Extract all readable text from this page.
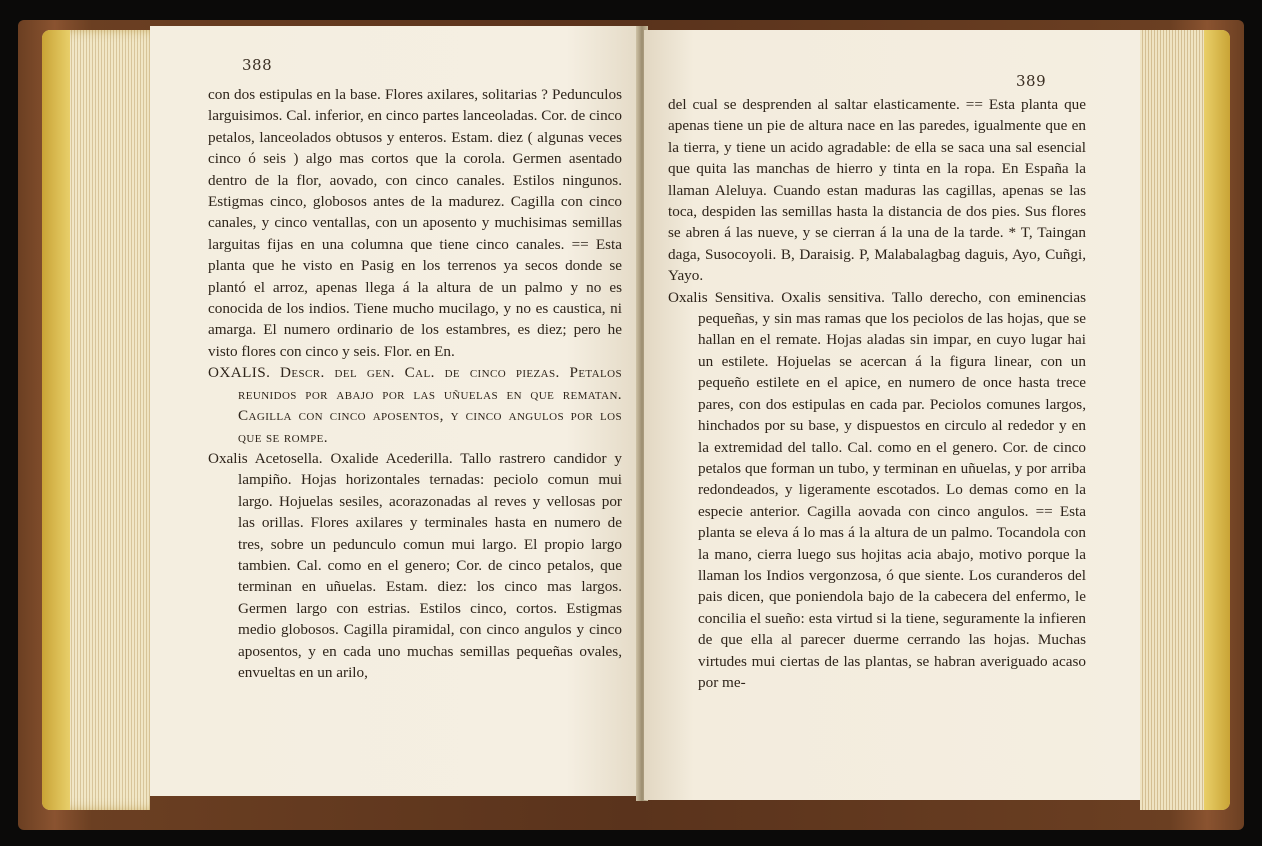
388

con dos estipulas en la base. Flores axilares, solitarias ? Pedunculos larguisimos. Cal. inferior, en cinco partes lanceoladas. Cor. de cinco petalos, lanceolados obtusos y enteros. Estam. diez ( algunas veces cinco ó seis ) algo mas cortos que la corola. Germen asentado dentro de la flor, aovado, con cinco canales. Estilos ningunos. Estigmas cinco, globosos antes de la madurez. Cagilla con cinco canales, y cinco ventallas, con un aposento y muchisimas semillas larguitas fijas en una columna que tiene cinco canales. == Esta planta que he visto en Pasig en los terrenos ya secos donde se plantó el arroz, apenas llega á la altura de un palmo y no es conocida de los indios. Tiene mucho mucilago, y no es caustica, ni amarga. El numero ordinario de los estambres, es diez; pero he visto flores con cinco y seis. Flor. en En.

OXALIS. Descr. del gen. Cal. de cinco piezas. Petalos reunidos por abajo por las uñuelas en que rematan. Cagilla con cinco aposentos, y cinco angulos por los que se rompe.

Oxalis Acetosella. Oxalide Acederilla. Tallo rastrero candidor y lampiño. Hojas horizontales ternadas: peciolo comun mui largo. Hojuelas sesiles, acorazonadas al reves y vellosas por las orillas. Flores axilares y terminales hasta en numero de tres, sobre un pedunculo comun mui largo. El propio largo tambien. Cal. como en el genero; Cor. de cinco petalos, que terminan en uñuelas. Estam. diez: los cinco mas largos. Germen largo con estrias. Estilos cinco, cortos. Estigmas medio globosos. Cagilla piramidal, con cinco angulos y cinco aposentos, y en cada uno muchas semillas pequeñas ovales, envueltas en un arilo,

389

del cual se desprenden al saltar elasticamente. == Esta planta que apenas tiene un pie de altura nace en las paredes, igualmente que en la tierra, y tiene un acido agradable: de ella se saca una sal esencial que quita las manchas de hierro y tinta en la ropa. En España la llaman Aleluya. Cuando estan maduras las cagillas, apenas se las toca, despiden las semillas hasta la distancia de dos pies. Sus flores se abren á las nueve, y se cierran á la una de la tarde. * T, Taingan daga, Susocoyoli. B, Daraisig. P, Malabalagbag daguis, Ayo, Cuñgi, Yayo.

Oxalis Sensitiva. Oxalis sensitiva. Tallo derecho, con eminencias pequeñas, y sin mas ramas que los peciolos de las hojas, que se hallan en el remate. Hojas aladas sin impar, en cuyo lugar hai un estilete. Hojuelas se acercan á la figura linear, con un pequeño estilete en el apice, en numero de once hasta trece pares, con dos estipulas en cada par. Peciolos comunes largos, hinchados por su base, y dispuestos en circulo al rededor y en la extremidad del tallo. Cal. como en el genero. Cor. de cinco petalos que forman un tubo, y terminan en uñuelas, y por arriba redondeados, y ligeramente escotados. Lo demas como en la especie anterior. Cagilla aovada con cinco angulos. == Esta planta se eleva á lo mas á la altura de un palmo. Tocandola con la mano, cierra luego sus hojitas acia abajo, motivo porque la llaman los Indios vergonzosa, ó que siente. Los curanderos del pais dicen, que poniendola bajo de la cabecera del enfermo, le concilia el sueño: esta virtud si la tiene, seguramente la infieren de que ella al parecer duerme cerrando las hojas. Muchas virtudes mui ciertas de las plantas, se habran averiguado acaso por me-
